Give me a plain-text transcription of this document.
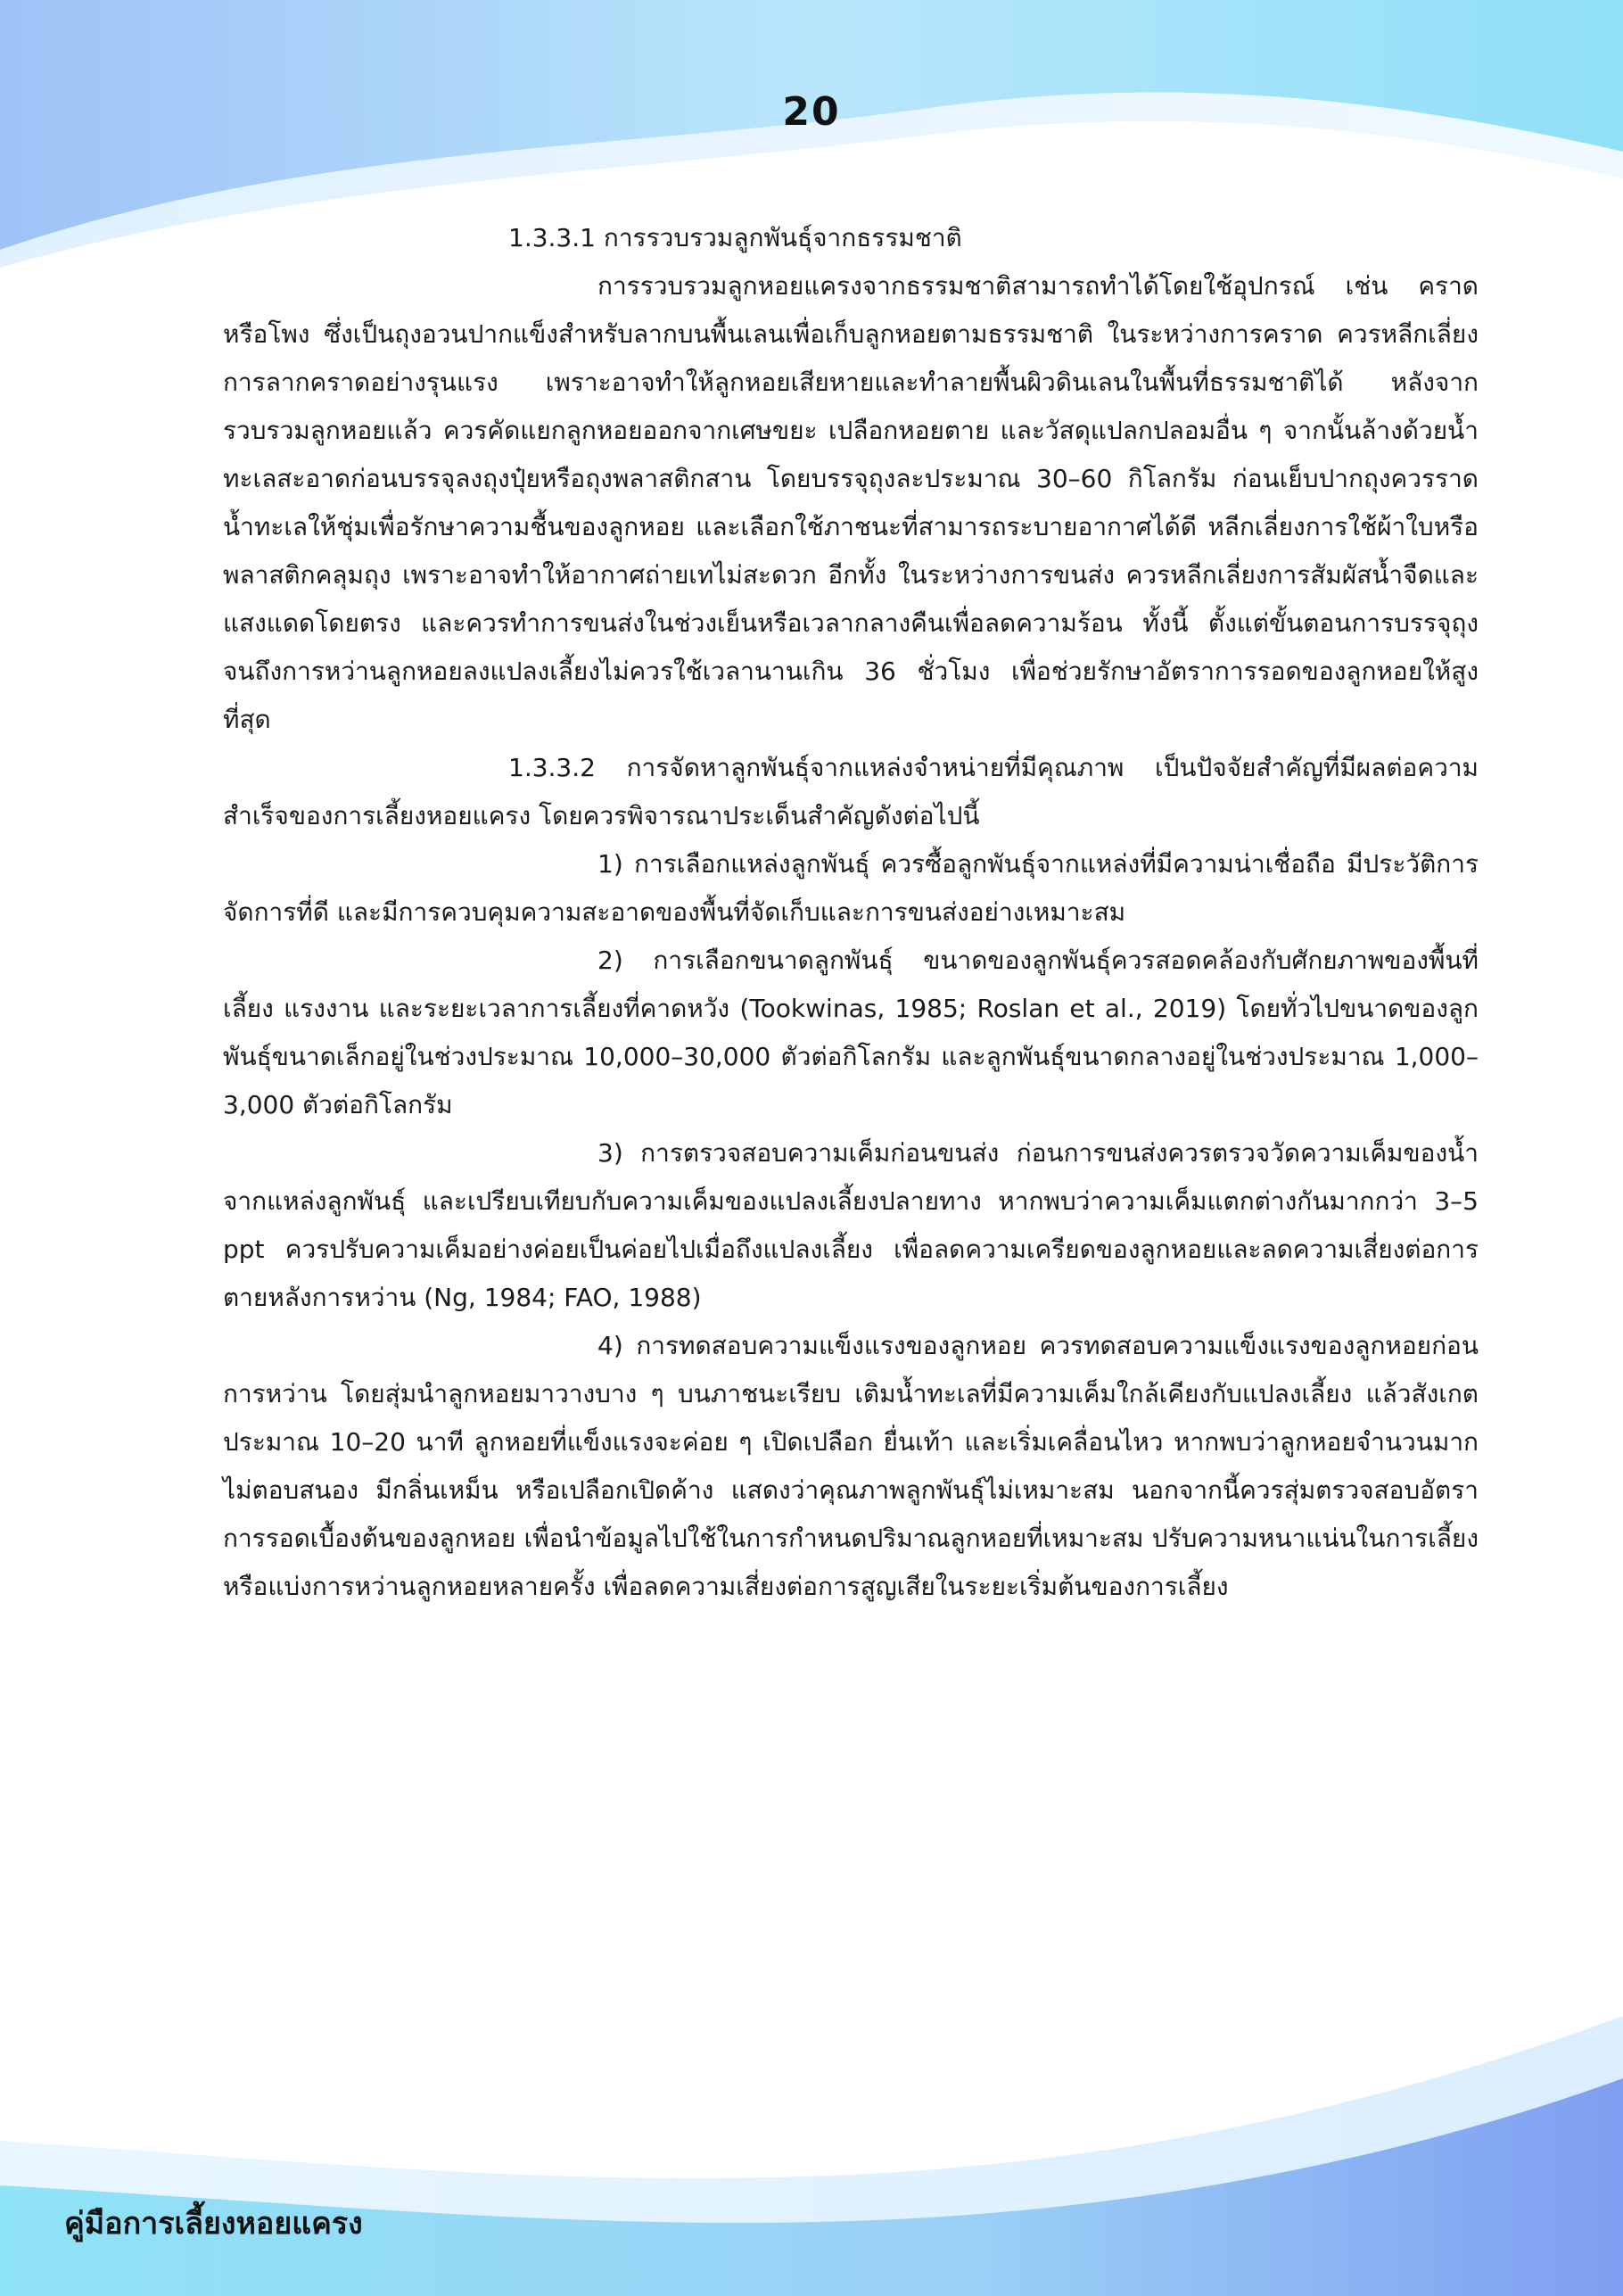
20

1.3.3.1 การรวบรวมลูกพันธุ์จากธรรมชาติ

การรวบรวมลูกหอยแครงจากธรรมชาติสามารถทำได้โดยใช้อุปกรณ์ เช่น คราด หรือโพง ซึ่งเป็นถุงอวนปากแข็งสำหรับลากบนพื้นเลนเพื่อเก็บลูกหอยตามธรรมชาติ ในระหว่างการคราด ควรหลีกเลี่ยงการลากคราดอย่างรุนแรง เพราะอาจทำให้ลูกหอยเสียหายและทำลายพื้นผิวดินเลนในพื้นที่ธรรมชาติได้ หลังจากรวบรวมลูกหอยแล้ว ควรคัดแยกลูกหอยออกจากเศษขยะ เปลือกหอยตาย และวัสดุแปลกปลอมอื่น ๆ จากนั้นล้างด้วยน้ำทะเลสะอาดก่อนบรรจุลงถุงปุ๋ยหรือถุงพลาสติกสาน โดยบรรจุถุงละประมาณ 30–60 กิโลกรัม ก่อนเย็บปากถุงควรราดน้ำทะเลให้ชุ่มเพื่อรักษาความชื้นของลูกหอย และเลือกใช้ภาชนะที่สามารถระบายอากาศได้ดี หลีกเลี่ยงการใช้ผ้าใบหรือพลาสติกคลุมถุง เพราะอาจทำให้อากาศถ่ายเทไม่สะดวก อีกทั้ง ในระหว่างการขนส่ง ควรหลีกเลี่ยงการสัมผัสน้ำจืดและแสงแดดโดยตรง และควรทำการขนส่งในช่วงเย็นหรือเวลากลางคืนเพื่อลดความร้อน ทั้งนี้ ตั้งแต่ขั้นตอนการบรรจุถุงจนถึงการหว่านลูกหอยลงแปลงเลี้ยงไม่ควรใช้เวลานานเกิน 36 ชั่วโมง เพื่อช่วยรักษาอัตราการรอดของลูกหอยให้สูงที่สุด

1.3.3.2 การจัดหาลูกพันธุ์จากแหล่งจำหน่ายที่มีคุณภาพ เป็นปัจจัยสำคัญที่มีผลต่อความสำเร็จของการเลี้ยงหอยแครง โดยควรพิจารณาประเด็นสำคัญดังต่อไปนี้

1) การเลือกแหล่งลูกพันธุ์ ควรซื้อลูกพันธุ์จากแหล่งที่มีความน่าเชื่อถือ มีประวัติการจัดการที่ดี และมีการควบคุมความสะอาดของพื้นที่จัดเก็บและการขนส่งอย่างเหมาะสม

2) การเลือกขนาดลูกพันธุ์ ขนาดของลูกพันธุ์ควรสอดคล้องกับศักยภาพของพื้นที่เลี้ยง แรงงาน และระยะเวลาการเลี้ยงที่คาดหวัง (Tookwinas, 1985; Roslan et al., 2019) โดยทั่วไปขนาดของลูกพันธุ์ขนาดเล็กอยู่ในช่วงประมาณ 10,000–30,000 ตัวต่อกิโลกรัม และลูกพันธุ์ขนาดกลางอยู่ในช่วงประมาณ 1,000–3,000 ตัวต่อกิโลกรัม

3) การตรวจสอบความเค็มก่อนขนส่ง ก่อนการขนส่งควรตรวจวัดความเค็มของน้ำจากแหล่งลูกพันธุ์ และเปรียบเทียบกับความเค็มของแปลงเลี้ยงปลายทาง หากพบว่าความเค็มแตกต่างกันมากกว่า 3–5 ppt ควรปรับความเค็มอย่างค่อยเป็นค่อยไปเมื่อถึงแปลงเลี้ยง เพื่อลดความเครียดของลูกหอยและลดความเสี่ยงต่อการตายหลังการหว่าน (Ng, 1984; FAO, 1988)

4) การทดสอบความแข็งแรงของลูกหอย ควรทดสอบความแข็งแรงของลูกหอยก่อนการหว่าน โดยสุ่มนำลูกหอยมาวางบาง ๆ บนภาชนะเรียบ เติมน้ำทะเลที่มีความเค็มใกล้เคียงกับแปลงเลี้ยง แล้วสังเกตประมาณ 10–20 นาที ลูกหอยที่แข็งแรงจะค่อย ๆ เปิดเปลือก ยื่นเท้า และเริ่มเคลื่อนไหว หากพบว่าลูกหอยจำนวนมากไม่ตอบสนอง มีกลิ่นเหม็น หรือเปลือกเปิดค้าง แสดงว่าคุณภาพลูกพันธุ์ไม่เหมาะสม นอกจากนี้ควรสุ่มตรวจสอบอัตราการรอดเบื้องต้นของลูกหอย เพื่อนำข้อมูลไปใช้ในการกำหนดปริมาณลูกหอยที่เหมาะสม ปรับความหนาแน่นในการเลี้ยง หรือแบ่งการหว่านลูกหอยหลายครั้ง เพื่อลดความเสี่ยงต่อการสูญเสียในระยะเริ่มต้นของการเลี้ยง

คู่มือการเลี้ยงหอยแครง
